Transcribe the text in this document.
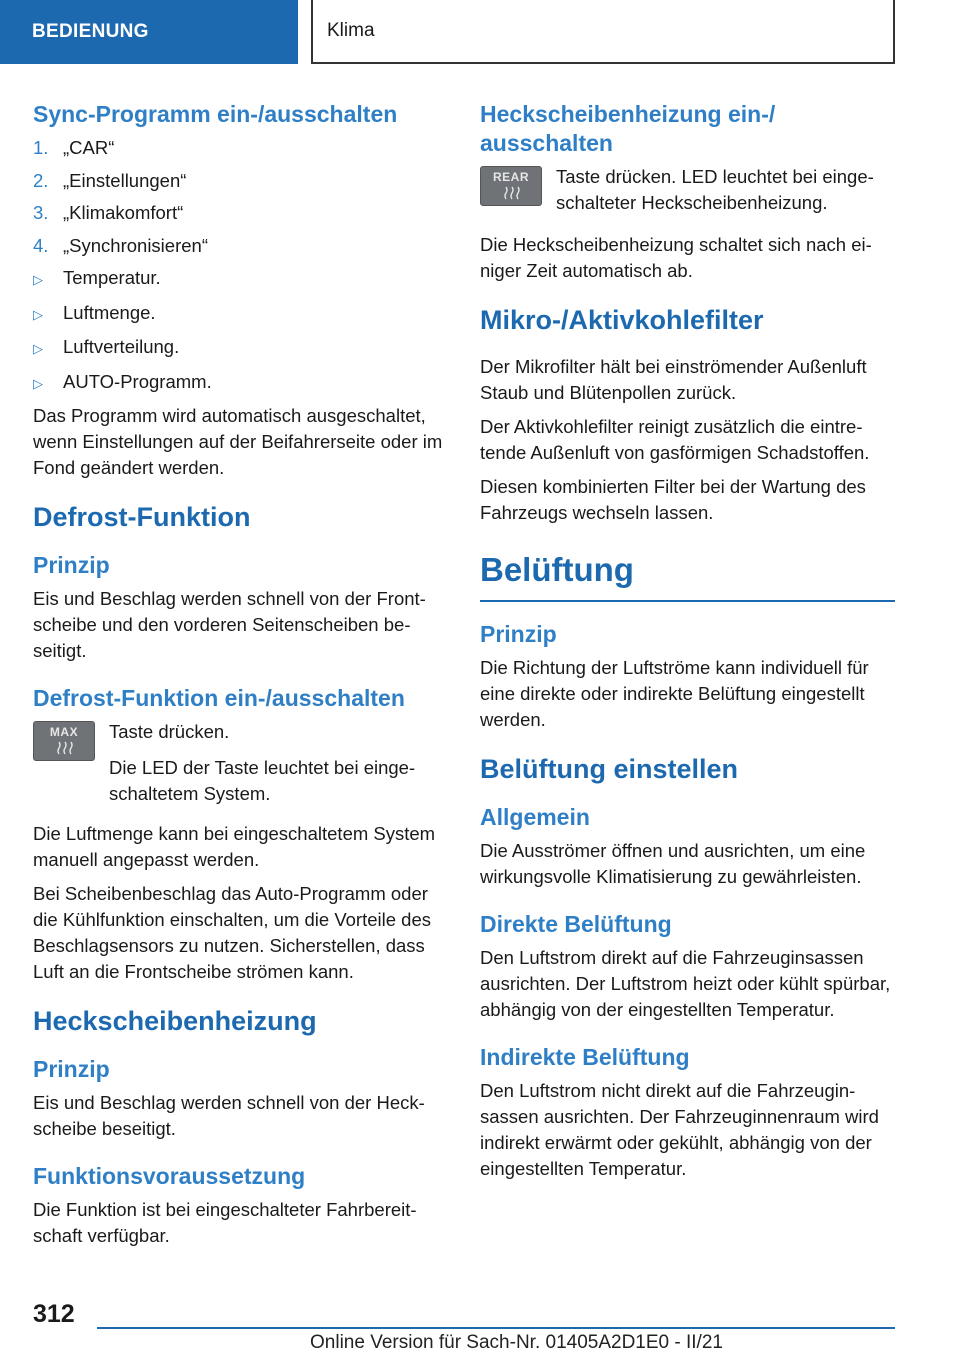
BEDIENUNG	Klima
Sync-Programm ein-/ausschalten
1. „CAR“
2. „Einstellungen“
3. „Klimakomfort“
4. „Synchronisieren“
▷	Temperatur.
▷	Luftmenge.
▷	Luftverteilung.
▷	AUTO-Programm.

Das Programm wird automatisch ausgeschaltet, wenn Einstellungen auf der Beifahrerseite oder im Fond geändert werden.

Defrost-Funktion
Prinzip

Eis und Beschlag werden schnell von der Frontscheibe und den vorderen Seitenscheiben beseitigt.

Defrost-Funktion ein-/ausschalten
MAX	Taste drücken.

Die LED der Taste leuchtet bei eingeschaltetem System.

Die Luftmenge kann bei eingeschaltetem System manuell angepasst werden.

Bei Scheibenbeschlag das Auto-Programm oder die Kühlfunktion einschalten, um die Vorteile des Beschlagsensors zu nutzen. Sicherstellen, dass Luft an die Frontscheibe strömen kann.

Heckscheibenheizung
Prinzip

Eis und Beschlag werden schnell von der Heckscheibe beseitigt.

Funktionsvoraussetzung

Die Funktion ist bei eingeschalteter Fahrbereitschaft verfügbar.

Heckscheibenheizung ein-/ ausschalten
REAR	Taste drücken. LED leuchtet bei eingeschalteter Heckscheibenheizung.

Die Heckscheibenheizung schaltet sich nach einiger Zeit automatisch ab.

Mikro-/Aktivkohlefilter

Der Mikrofilter hält bei einströmender Außenluft Staub und Blütenpollen zurück.

Der Aktivkohlefilter reinigt zusätzlich die eintretende Außenluft von gasförmigen Schadstoffen.

Diesen kombinierten Filter bei der Wartung des Fahrzeugs wechseln lassen.

Belüftung
Prinzip

Die Richtung der Luftströme kann individuell für eine direkte oder indirekte Belüftung eingestellt werden.

Belüftung einstellen
Allgemein

Die Ausströmer öffnen und ausrichten, um eine wirkungsvolle Klimatisierung zu gewährleisten.

Direkte Belüftung

Den Luftstrom direkt auf die Fahrzeuginsassen ausrichten. Der Luftstrom heizt oder kühlt spürbar, abhängig von der eingestellten Temperatur.

Indirekte Belüftung

Den Luftstrom nicht direkt auf die Fahrzeuginsassen ausrichten. Der Fahrzeuginnenraum wird indirekt erwärmt oder gekühlt, abhängig von der eingestellten Temperatur.

312
Online Version für Sach-Nr. 01405A2D1E0 - II/21
